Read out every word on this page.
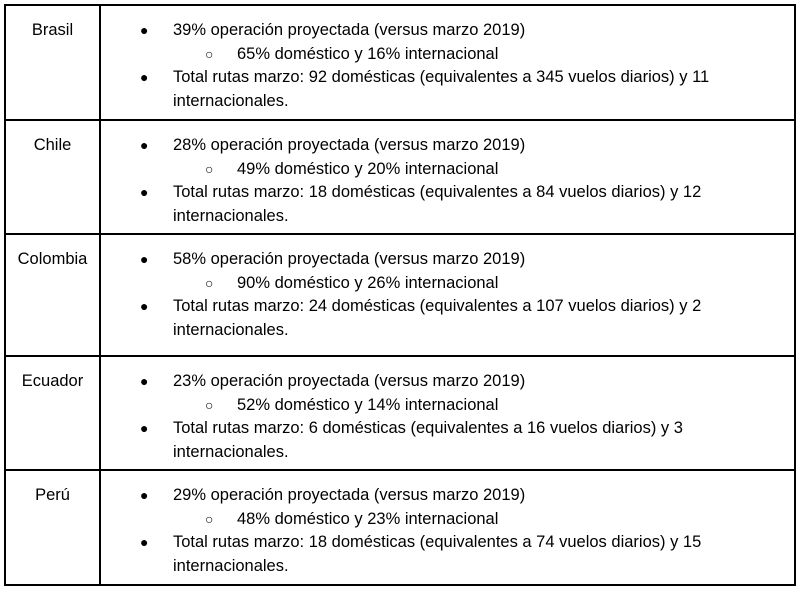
Brasil	● 39% operación proyectada (versus marzo 2019)
○ 65% doméstico y 16% internacional
● Total rutas marzo: 92 domésticas (equivalentes a 345 vuelos diarios) y 11
internacionales.
Chile	● 28% operación proyectada (versus marzo 2019)
○ 49% doméstico y 20% internacional
● Total rutas marzo: 18 domésticas (equivalentes a 84 vuelos diarios) y 12
internacionales.
Colombia	● 58% operación proyectada (versus marzo 2019)
○ 90% doméstico y 26% internacional
● Total rutas marzo: 24 domésticas (equivalentes a 107 vuelos diarios) y 2
internacionales.
Ecuador	● 23% operación proyectada (versus marzo 2019)
○ 52% doméstico y 14% internacional
● Total rutas marzo: 6 domésticas (equivalentes a 16 vuelos diarios) y 3
internacionales.
Perú	● 29% operación proyectada (versus marzo 2019)
○ 48% doméstico y 23% internacional
● Total rutas marzo: 18 domésticas (equivalentes a 74 vuelos diarios) y 15
internacionales.
